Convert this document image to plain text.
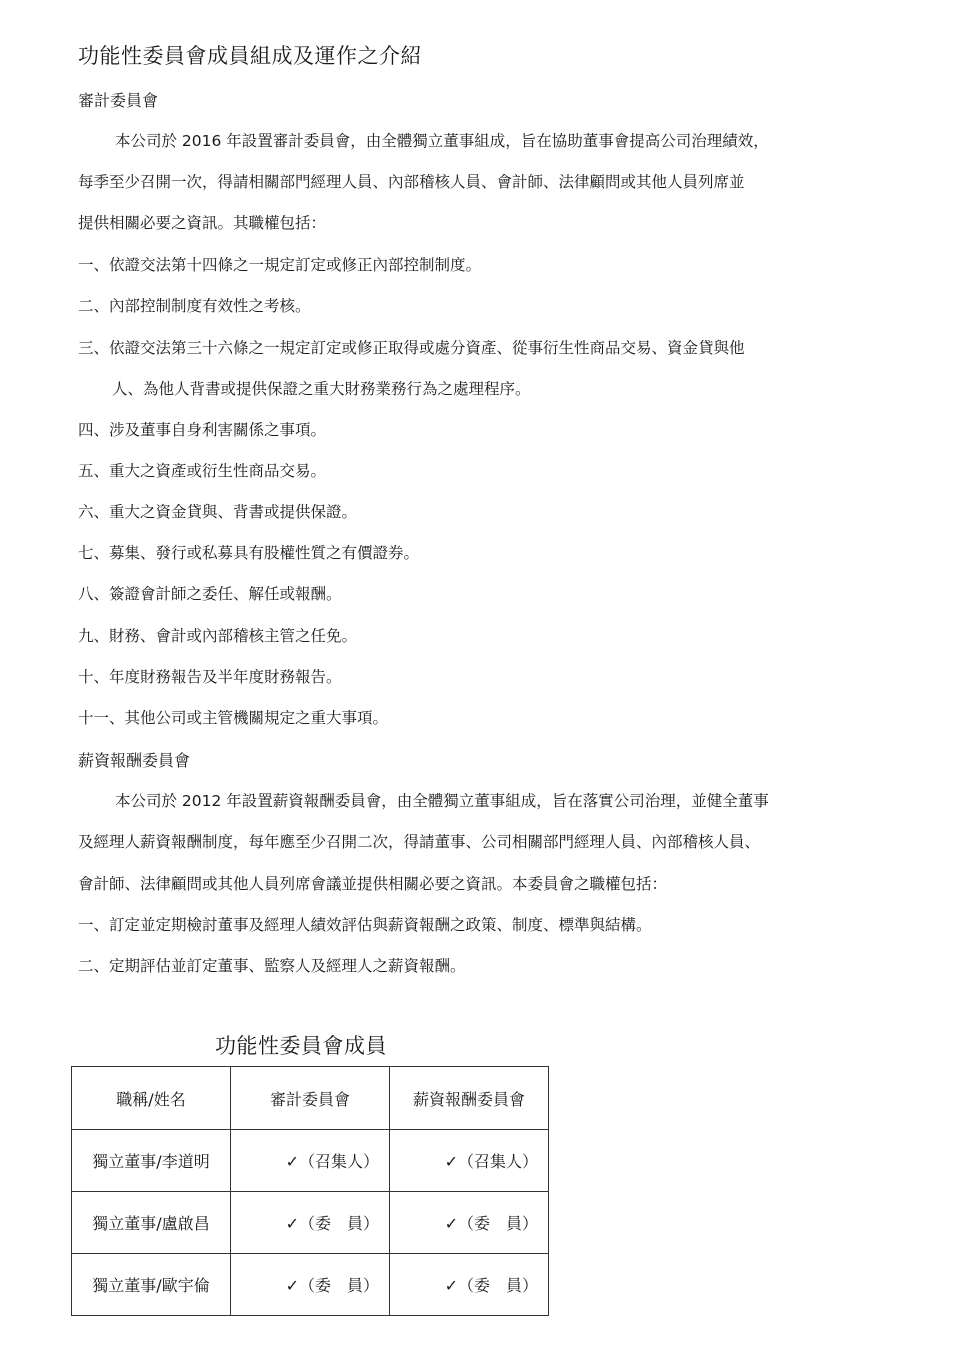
功能性委員會成員組成及運作之介紹
審計委員會
本公司於 2016 年設置審計委員會，由全體獨立董事組成，旨在協助董事會提高公司治理績效，
每季至少召開一次，得請相關部門經理人員、內部稽核人員、會計師、法律顧問或其他人員列席並
提供相關必要之資訊。其職權包括：
一、依證交法第十四條之一規定訂定或修正內部控制制度。
二、內部控制制度有效性之考核。
三、依證交法第三十六條之一規定訂定或修正取得或處分資產、從事衍生性商品交易、資金貸與他
人、為他人背書或提供保證之重大財務業務行為之處理程序。
四、涉及董事自身利害關係之事項。
五、重大之資產或衍生性商品交易。
六、重大之資金貸與、背書或提供保證。
七、募集、發行或私募具有股權性質之有價證券。
八、簽證會計師之委任、解任或報酬。
九、財務、會計或內部稽核主管之任免。
十、年度財務報告及半年度財務報告。
十一、其他公司或主管機關規定之重大事項。
薪資報酬委員會
本公司於 2012 年設置薪資報酬委員會，由全體獨立董事組成，旨在落實公司治理，並健全董事
及經理人薪資報酬制度，每年應至少召開二次，得請董事、公司相關部門經理人員、內部稽核人員、
會計師、法律顧問或其他人員列席會議並提供相關必要之資訊。本委員會之職權包括：
一、訂定並定期檢討董事及經理人績效評估與薪資報酬之政策、制度、標準與結構。
二、定期評估並訂定董事、監察人及經理人之薪資報酬。
功能性委員會成員
職稱/姓名	審計委員會	薪資報酬委員會
獨立董事/李道明	✓（召集人）	✓（召集人）
獨立董事/盧啟昌	✓（委　員）	✓（委　員）
獨立董事/歐宇倫	✓（委　員）	✓（委　員）
